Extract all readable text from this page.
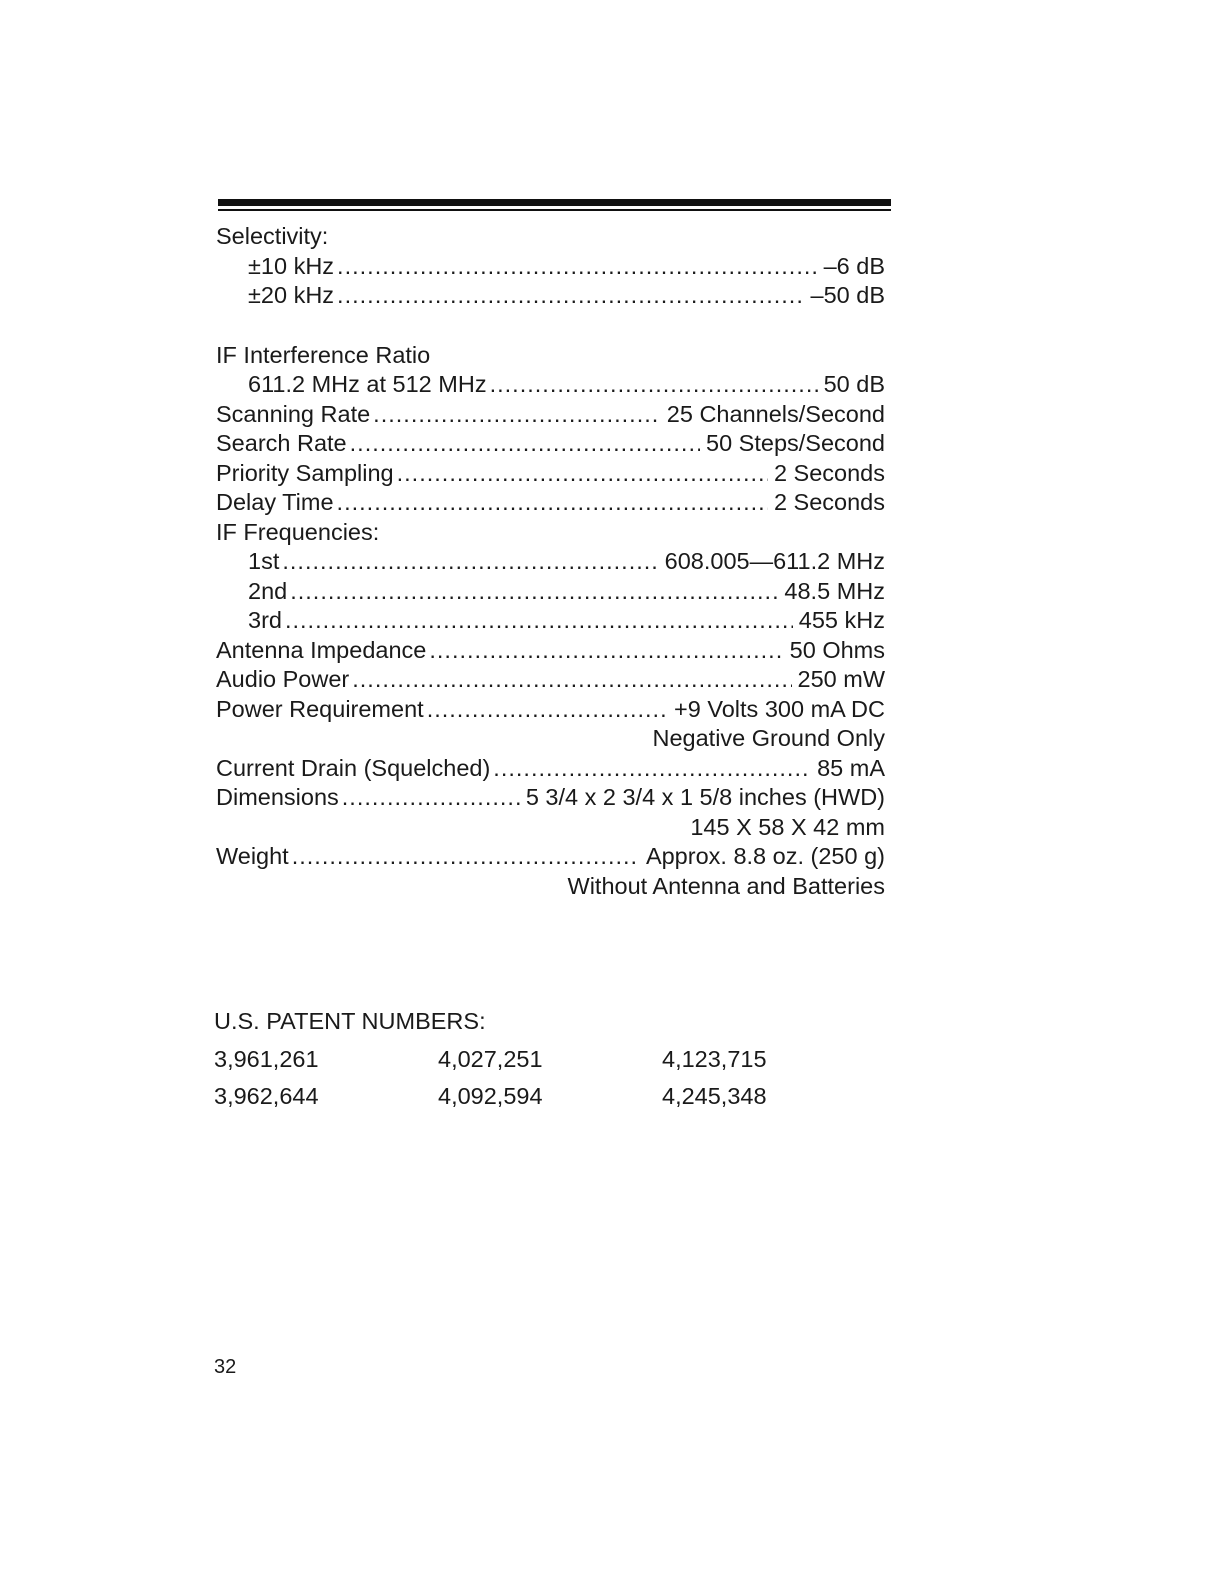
Selectivity:
±10 kHz .....	–6 dB
±20 kHz .....	–50 dB
IF Interference Ratio
611.2 MHz at 512 MHz .....	50 dB
Scanning Rate .....	25 Channels/Second
Search Rate .....	50 Steps/Second
Priority Sampling .....	2 Seconds
Delay Time .....	2 Seconds
IF Frequencies:
1st .....	608.005—611.2 MHz
2nd .....	48.5 MHz
3rd .....	455 kHz
Antenna Impedance .....	50 Ohms
Audio Power .....	250 mW
Power Requirement .....	+9 Volts 300 mA DC
Negative Ground Only
Current Drain (Squelched) .....	85 mA
Dimensions .....	5 3/4 x 2 3/4 x 1 5/8 inches (HWD)
145 X 58 X 42 mm
Weight .....	Approx. 8.8 oz. (250 g)
Without Antenna and Batteries
U.S. PATENT NUMBERS:
3,961,261	4,027,251	4,123,715
3,962,644	4,092,594	4,245,348
32
